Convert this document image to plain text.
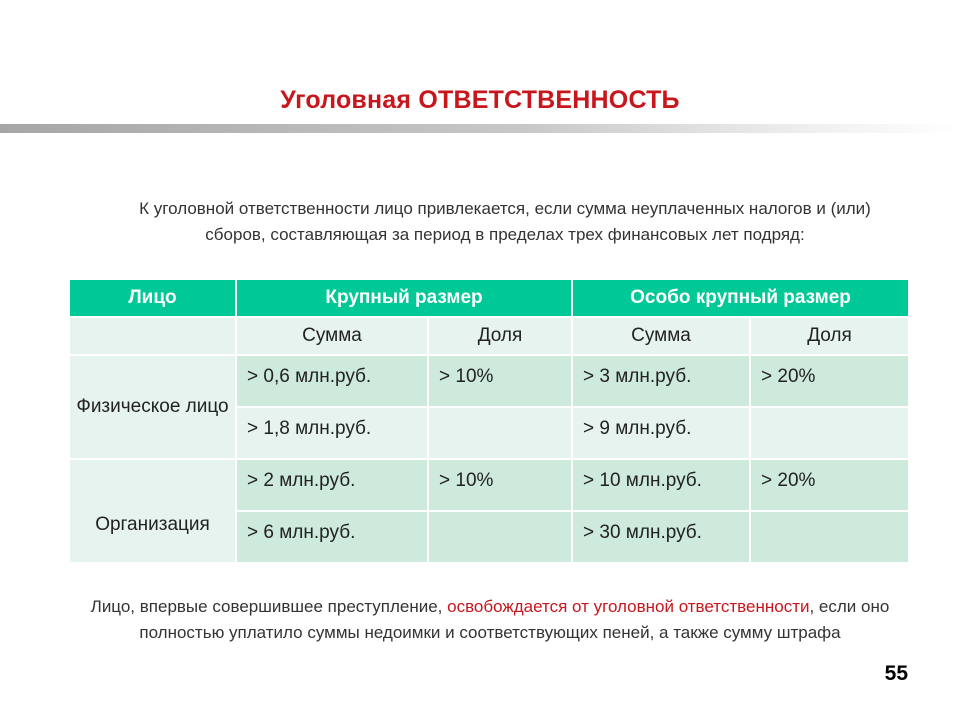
Уголовная ОТВЕТСТВЕННОСТЬ

К уголовной ответственности лицо привлекается, если сумма неуплаченных налогов и (или) сборов, составляющая за период в пределах трех финансовых лет подряд:

Лицо	Крупный размер		Особо крупный размер	
	Сумма	Доля	Сумма	Доля
Физическое лицо	> 0,6 млн.руб.	> 10%	> 3 млн.руб.	> 20%
	> 1,8 млн.руб.		> 9 млн.руб.	
Организация	> 2 млн.руб.	> 10%	> 10 млн.руб.	> 20%
	> 6 млн.руб.		> 30 млн.руб.	

Лицо, впервые совершившее преступление, освобождается от уголовной ответственности, если оно полностью уплатило суммы недоимки и соответствующих пеней, а также сумму штрафа

55
